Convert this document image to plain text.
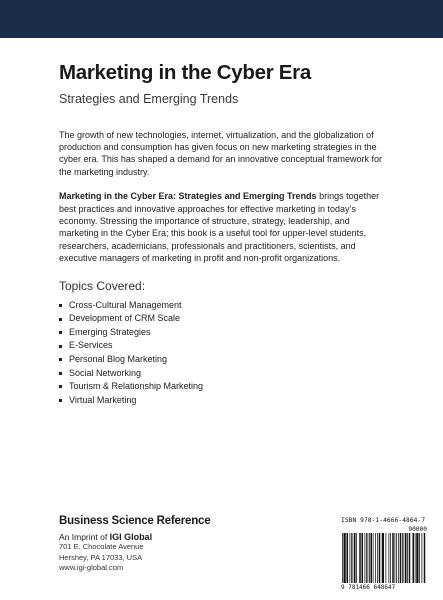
Marketing in the Cyber Era
Strategies and Emerging Trends

The growth of new technologies, internet, virtualization, and the globalization of production and consumption has given focus on new marketing strategies in the cyber era. This has shaped a demand for an innovative conceptual framework for the marketing industry.

Marketing in the Cyber Era: Strategies and Emerging Trends brings together best practices and innovative approaches for effective marketing in today’s economy. Stressing the importance of structure, strategy, leadership, and marketing in the Cyber Era; this book is a useful tool for upper-level students, researchers, academicians, professionals and practitioners, scientists, and executive managers of marketing in profit and non-profit organizations.

Topics Covered:
Cross-Cultural Management
Development of CRM Scale
Emerging Strategies
E-Services
Personal Blog Marketing
Social Networking
Tourism & Relationship Marketing
Virtual Marketing
Business Science Reference
An Imprint of IGI Global
701 E. Chocolate Avenue
Hershey, PA 17033, USA
www.igi-global.com
ISBN 978-1-4666-4864-7
90000
9 781466 648647
